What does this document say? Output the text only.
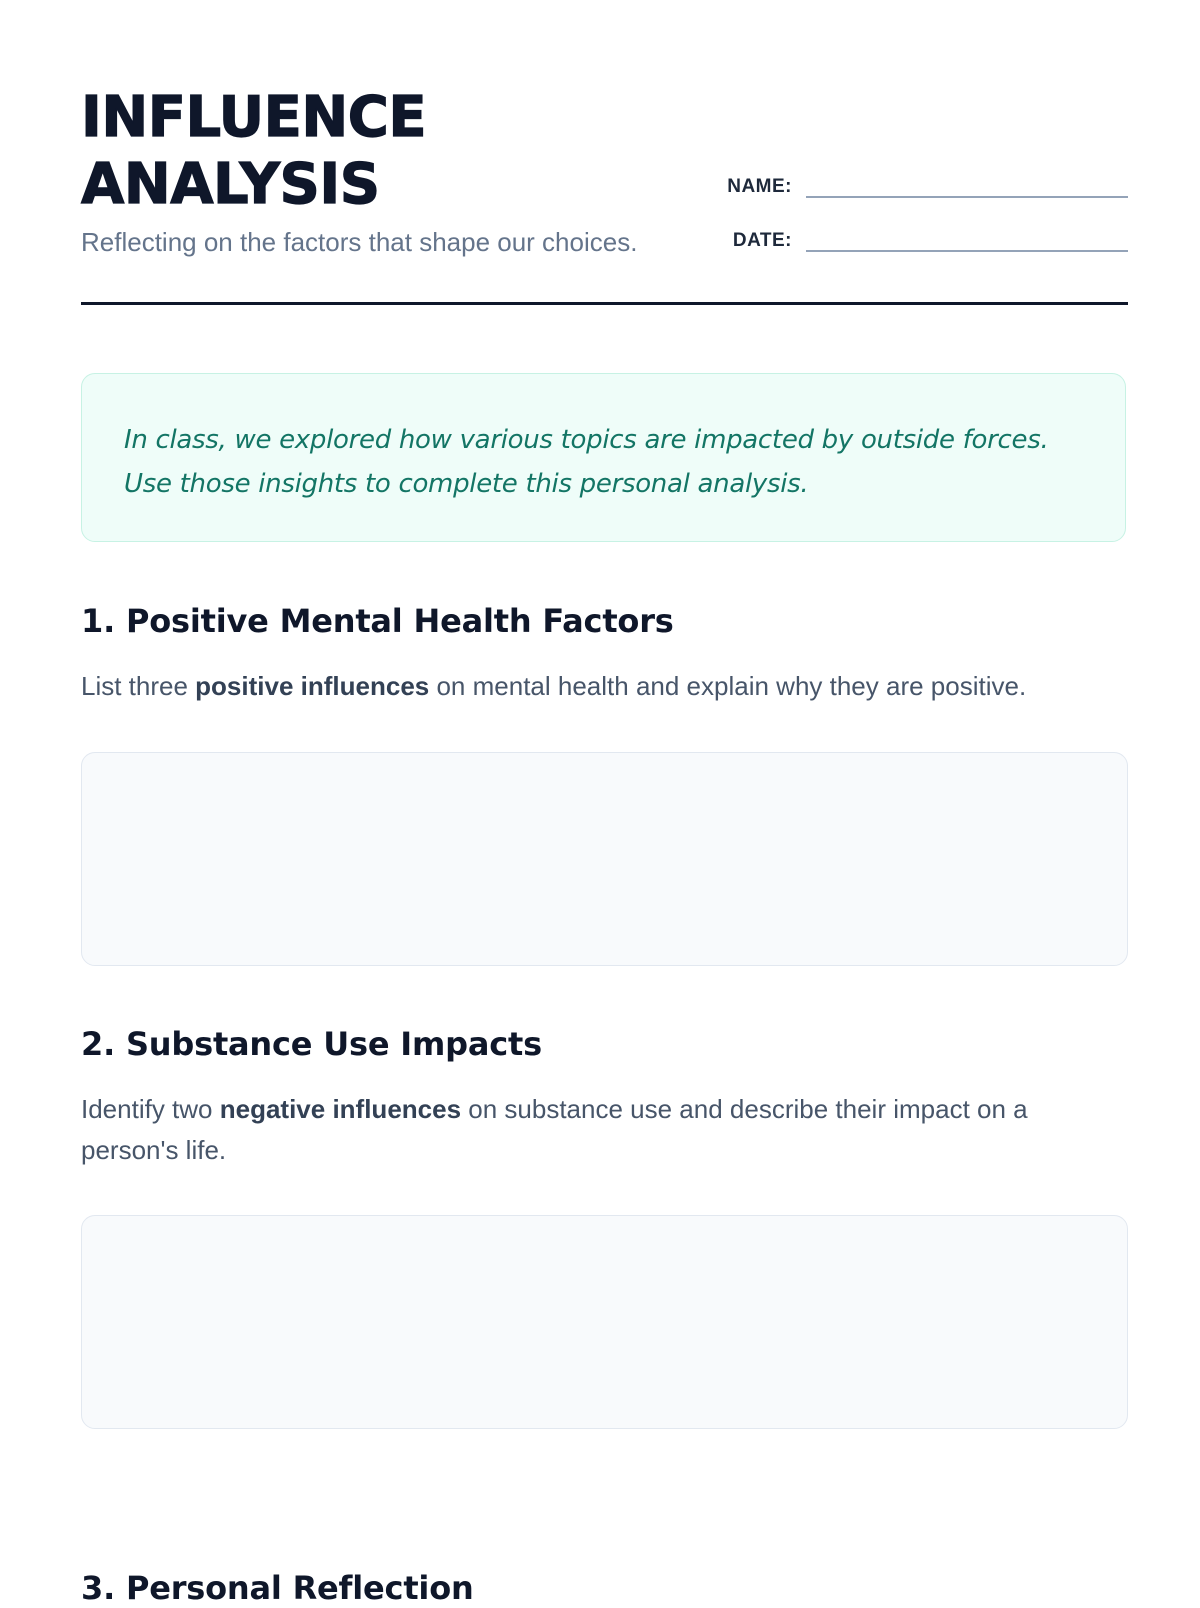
INFLUENCE
ANALYSIS
Reflecting on the factors that shape our choices.
NAME:
DATE:

In class, we explored how various topics are impacted by outside forces.

Use those insights to complete this personal analysis.

1. Positive Mental Health Factors

List three positive influences on mental health and explain why they are positive.

2. Substance Use Impacts

Identify two negative influences on substance use and describe their impact on a person's life.

3. Personal Reflection
